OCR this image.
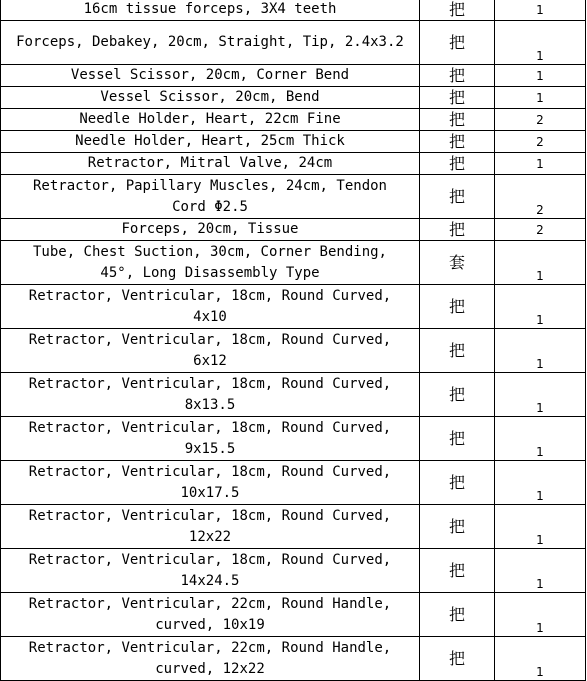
16cm tissue forceps, 3X4 teeth	把	1
Forceps, Debakey, 20cm, Straight, Tip, 2.4x3.2	把	1
Vessel Scissor, 20cm, Corner Bend	把	1
Vessel Scissor, 20cm, Bend	把	1
Needle Holder, Heart, 22cm Fine	把	2
Needle Holder, Heart, 25cm Thick	把	2
Retractor, Mitral Valve, 24cm	把	1
Retractor, Papillary Muscles, 24cm, Tendon
Cord Φ2.5	把	2
Forceps, 20cm, Tissue	把	2
Tube, Chest Suction, 30cm, Corner Bending,
45°, Long Disassembly Type	套	1
Retractor, Ventricular, 18cm, Round Curved,
4x10	把	1
Retractor, Ventricular, 18cm, Round Curved,
6x12	把	1
Retractor, Ventricular, 18cm, Round Curved,
8x13.5	把	1
Retractor, Ventricular, 18cm, Round Curved,
9x15.5	把	1
Retractor, Ventricular, 18cm, Round Curved,
10x17.5	把	1
Retractor, Ventricular, 18cm, Round Curved,
12x22	把	1
Retractor, Ventricular, 18cm, Round Curved,
14x24.5	把	1
Retractor, Ventricular, 22cm, Round Handle,
curved, 10x19	把	1
Retractor, Ventricular, 22cm, Round Handle,
curved, 12x22	把	1
